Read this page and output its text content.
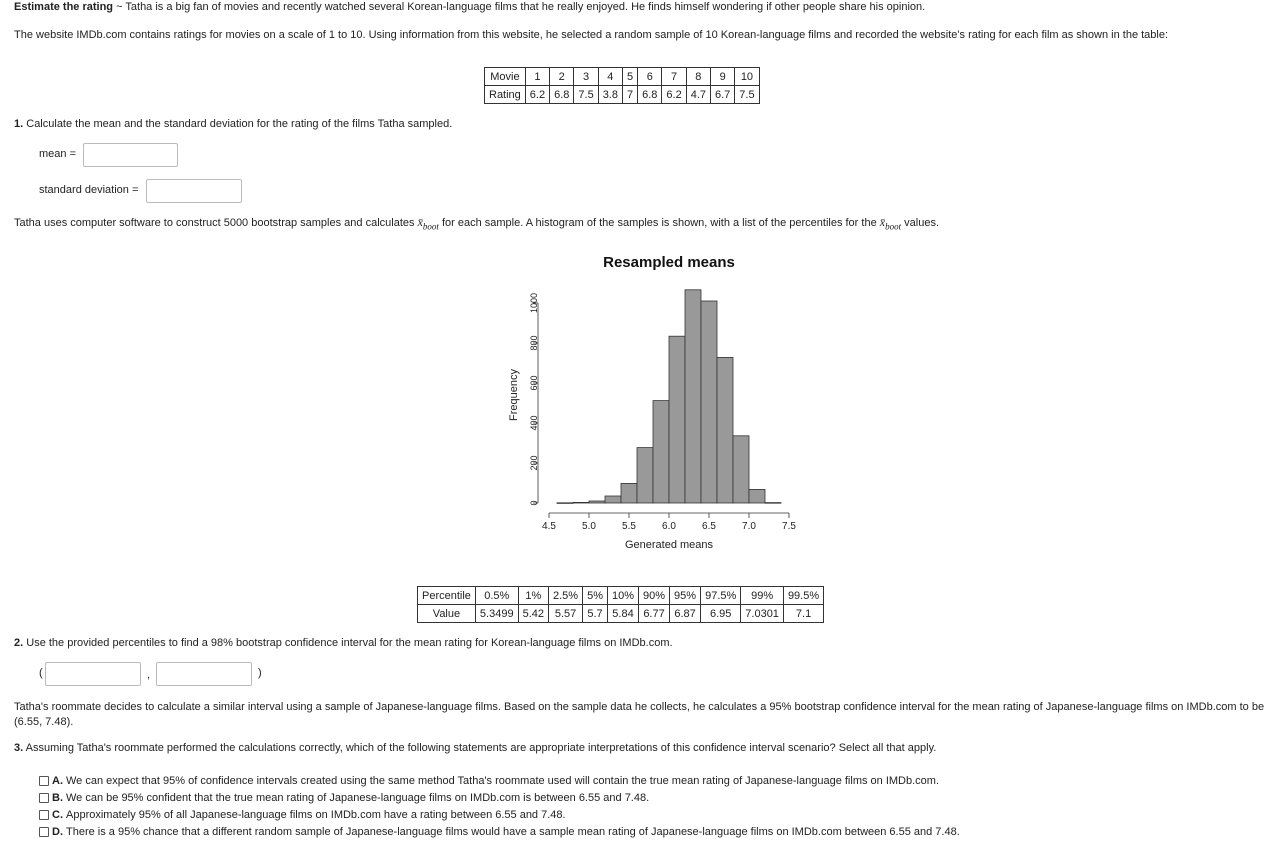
Estimate the rating ~ Tatha is a big fan of movies and recently watched several Korean-language films that he really enjoyed. He finds himself wondering if other people share his opinion.
The website IMDb.com contains ratings for movies on a scale of 1 to 10. Using information from this website, he selected a random sample of 10 Korean-language films and recorded the website's rating for each film as shown in the table:
Movie	1	2	3	4	5	6	7	8	9	10
Rating	6.2	6.8	7.5	3.8	7	6.8	6.2	4.7	6.7	7.5
1. Calculate the mean and the standard deviation for the rating of the films Tatha sampled.
mean =
standard deviation =
Tatha uses computer software to construct 5000 bootstrap samples and calculates $x̄_{boot}$ for each sample. A histogram of the samples is shown, with a list of the percentiles for the $x̄_{boot}$ values.
4.5	5.0	5.5	6.0	6.5	7.0	7.5
0
200
400
600
800
1000
Resampled means
Generated means
Frequency
Percentile	0.5%	1%	2.5%	5%	10%	90%	95%	97.5%	99%	99.5%
Value	5.3499	5.42	5.57	5.7	5.84	6.77	6.87	6.95	7.0301	7.1
2. Use the provided percentiles to find a 98% bootstrap confidence interval for the mean rating for Korean-language films on IMDb.com.
(	,	)
Tatha's roommate decides to calculate a similar interval using a sample of Japanese-language films. Based on the sample data he collects, he calculates a 95% bootstrap confidence interval for the mean rating of Japanese-language films on IMDb.com to be (6.55, 7.48).
3. Assuming Tatha's roommate performed the calculations correctly, which of the following statements are appropriate interpretations of this confidence interval scenario? Select all that apply.
A. We can expect that 95% of confidence intervals created using the same method Tatha's roommate used will contain the true mean rating of Japanese-language films on IMDb.com.
B. We can be 95% confident that the true mean rating of Japanese-language films on IMDb.com is between 6.55 and 7.48.
C. Approximately 95% of all Japanese-language films on IMDb.com have a rating between 6.55 and 7.48.
D. There is a 95% chance that a different random sample of Japanese-language films would have a sample mean rating of Japanese-language films on IMDb.com between 6.55 and 7.48.
